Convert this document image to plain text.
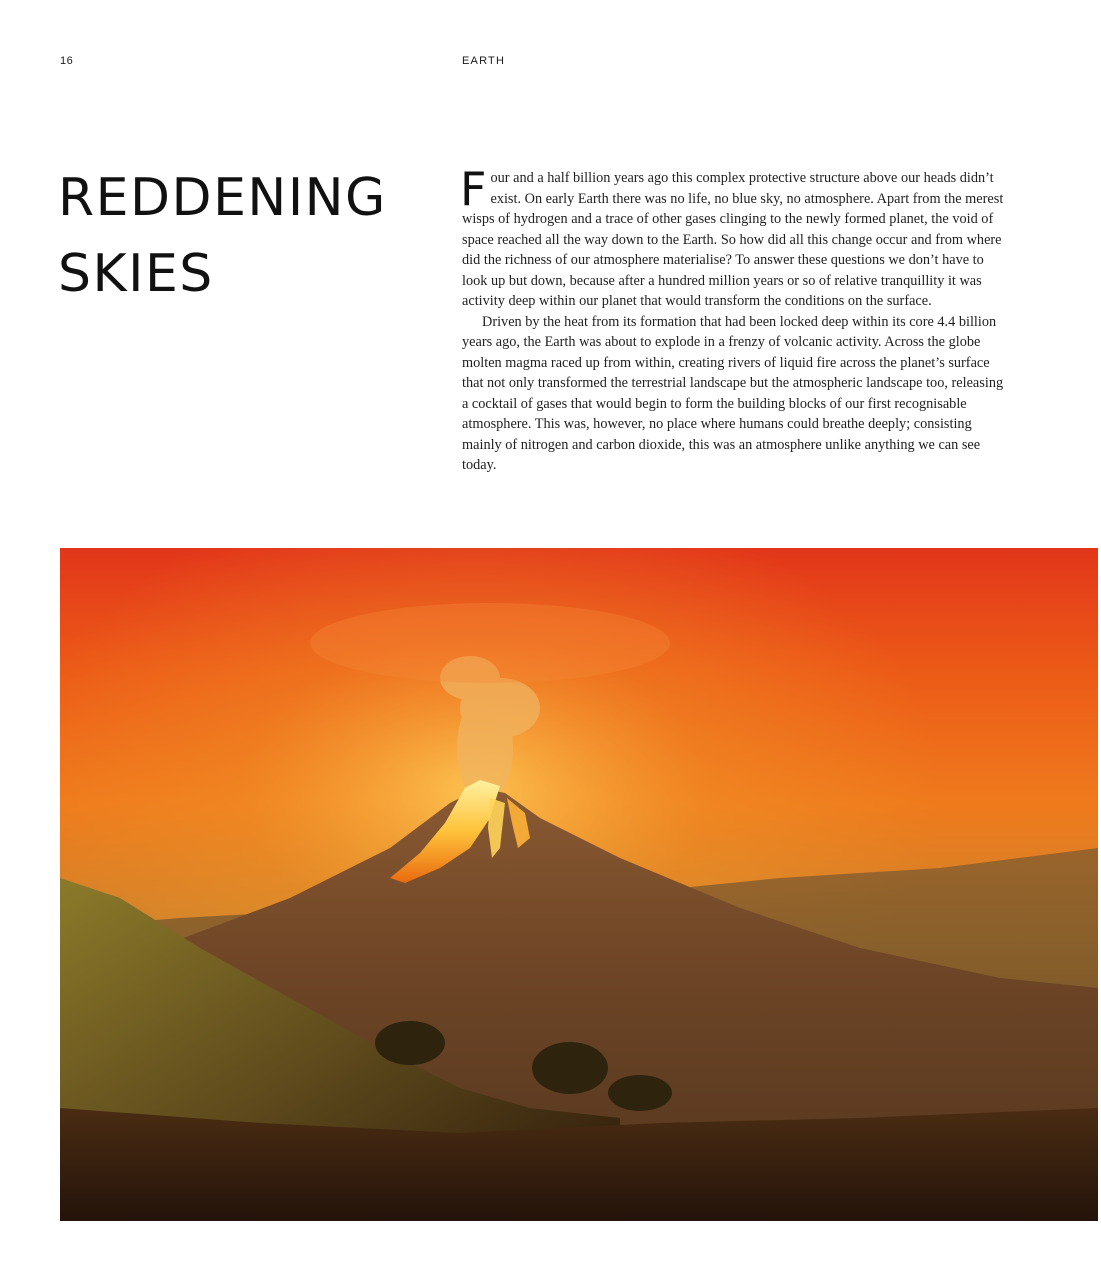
16	EARTH
REDDENING
SKIES

Four and a half billion years ago this complex protective structure above our heads didn’t exist. On early Earth there was no life, no blue sky, no atmosphere. Apart from the merest wisps of hydrogen and a trace of other gases clinging to the newly formed planet, the void of space reached all the way down to the Earth. So how did all this change occur and from where did the richness of our atmosphere materialise? To answer these questions we don’t have to look up but down, because after a hundred million years or so of relative tranquillity it was activity deep within our planet that would transform the conditions on the surface.

Driven by the heat from its formation that had been locked deep within its core 4.4 billion years ago, the Earth was about to explode in a frenzy of volcanic activity. Across the globe molten magma raced up from within, creating rivers of liquid fire across the planet’s surface that not only transformed the terrestrial landscape but the atmospheric landscape too, releasing a cocktail of gases that would begin to form the building blocks of our first recognisable atmosphere. This was, however, no place where humans could breathe deeply; consisting mainly of nitrogen and carbon dioxide, this was an atmosphere unlike anything we can see today.
